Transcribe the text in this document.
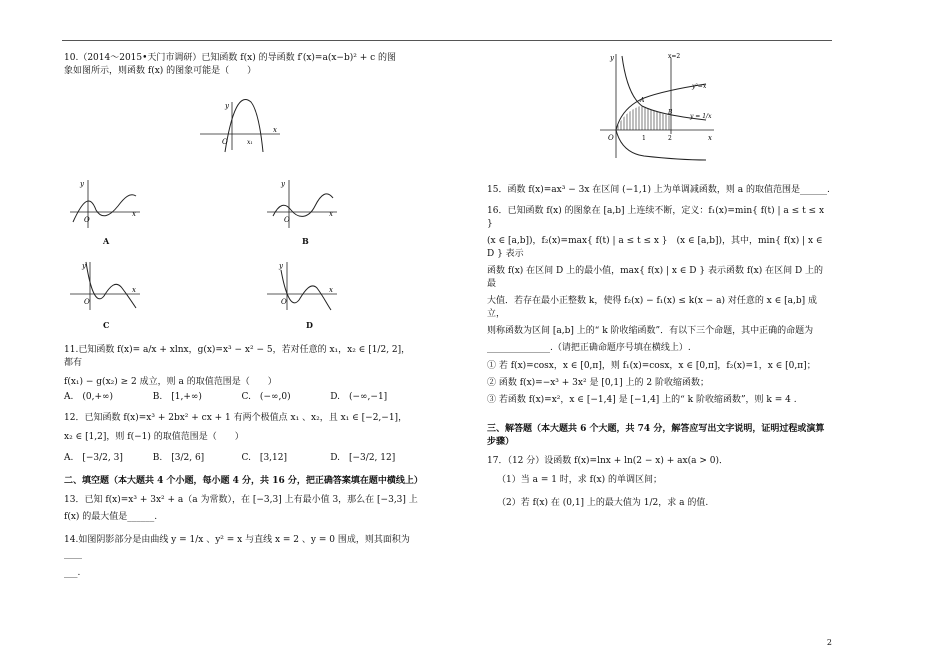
10.（2014～2015•天门市调研）已知函数 f(x) 的导函数 f′(x)=a(x−b)² + c 的图
象如图所示，则函数 f(x) 的图象可能是（　　）
y
O
x
x₁
y
O
x
A
y
O
x
B
y
O
x
C
y
O
x
D
11.已知函数 f(x)= a/x + xlnx，g(x)=x³ − x² − 5，若对任意的 x₁，x₂ ∈ [1/2, 2]，都有
f(x₁) − g(x₂) ≥ 2 成立，则 a 的取值范围是（　　）
A.　(0,+∞)	B.　[1,+∞)	C.　(−∞,0)	D.　(−∞,−1]
12．已知函数 f(x)=x³ + 2bx² + cx + 1 有两个极值点 x₁ 、x₂，且 x₁ ∈ [−2,−1]，
x₂ ∈ [1,2]，则 f(−1) 的取值范围是（　　）
A.　[−3/2, 3]	B.　[3/2, 6]	C.　[3,12]	D.　[−3/2, 12]
二、填空题（本大题共 4 个小题，每小题 4 分，共 16 分，把正确答案填在题中横线上）
13．已知 f(x)=x³ + 3x² + a（a 为常数），在 [−3,3] 上有最小值 3，那么在 [−3,3] 上
f(x) 的最大值是______.
14.如图阴影部分是由曲线 y = 1/x 、y² = x 与直线 x = 2 、y = 0 围成，则其面积为____
___.
y
O	1	2	x
x=2
y²=x
y = 1/x
A
B
15．函数 f(x)=ax³ − 3x 在区间 (−1,1) 上为单调减函数，则 a 的取值范围是______.
16．已知函数 f(x) 的图象在 [a,b] 上连续不断，定义：f₁(x)=min{ f(t) | a ≤ t ≤ x }
(x ∈ [a,b])，f₂(x)=max{ f(t) | a ≤ t ≤ x }　(x ∈ [a,b])，其中，min{ f(x) | x ∈ D } 表示
函数 f(x) 在区间 D 上的最小值，max{ f(x) | x ∈ D } 表示函数 f(x) 在区间 D 上的最
大值．若存在最小正整数 k，使得 f₂(x) − f₁(x) ≤ k(x − a) 对任意的 x ∈ [a,b] 成立，
则称函数为区间 [a,b] 上的“ k 阶收缩函数”．有以下三个命题，其中正确的命题为
______________.（请把正确命题序号填在横线上）.
① 若 f(x)=cosx，x ∈ [0,π]，则 f₁(x)=cosx，x ∈ [0,π]，f₂(x)=1，x ∈ [0,π]；
② 函数 f(x)=−x³ + 3x² 是 [0,1] 上的 2 阶收缩函数；
③ 若函数 f(x)=x²，x ∈ [−1,4] 是 [−1,4] 上的“ k 阶收缩函数”，则 k = 4 .
三、解答题（本大题共 6 个大题，共 74 分，解答应写出文字说明，证明过程或演算步骤）
17．（12 分）设函数 f(x)=lnx + ln(2 − x) + ax(a > 0)．
（1）当 a = 1 时，求 f(x) 的单调区间；
（2）若 f(x) 在 (0,1] 上的最大值为 1/2，求 a 的值.
2
